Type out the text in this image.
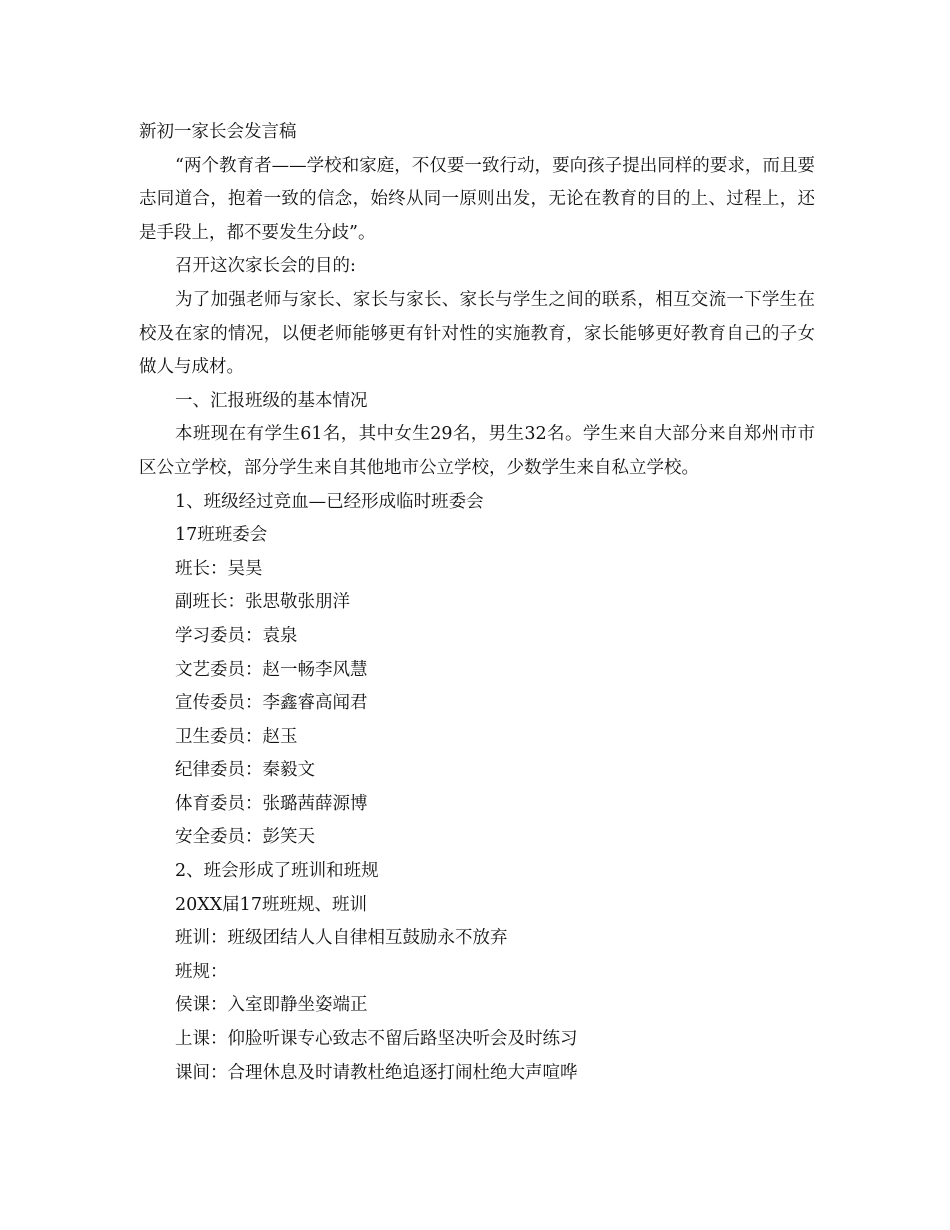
新初一家长会发言稿
“两个教育者——学校和家庭，不仅要一致行动，要向孩子提出同样的要求，而且要志同道合，抱着一致的信念，始终从同一原则出发，无论在教育的目的上、过程上，还是手段上，都不要发生分歧”。
召开这次家长会的目的:
为了加强老师与家长、家长与家长、家长与学生之间的联系，相互交流一下学生在校及在家的情况，以便老师能够更有针对性的实施教育，家长能够更好教育自己的子女做人与成材。
一、汇报班级的基本情况
本班现在有学生61名，其中女生29名，男生32名。学生来自大部分来自郑州市市区公立学校，部分学生来自其他地市公立学校，少数学生来自私立学校。
1、班级经过竞血—已经形成临时班委会
17班班委会
班长：吴昊
副班长：张思敬张朋洋
学习委员：袁泉
文艺委员：赵一畅李风慧
宣传委员：李鑫睿高闻君
卫生委员：赵玉
纪律委员：秦毅文
体育委员：张璐茜薛源博
安全委员：彭笑天
2、班会形成了班训和班规
20XX届17班班规、班训
班训：班级团结人人自律相互鼓励永不放弃
班规：
侯课：入室即静坐姿端正
上课：仰脸听课专心致志不留后路坚决听会及时练习
课间：合理休息及时请教杜绝追逐打闹杜绝大声喧哗
